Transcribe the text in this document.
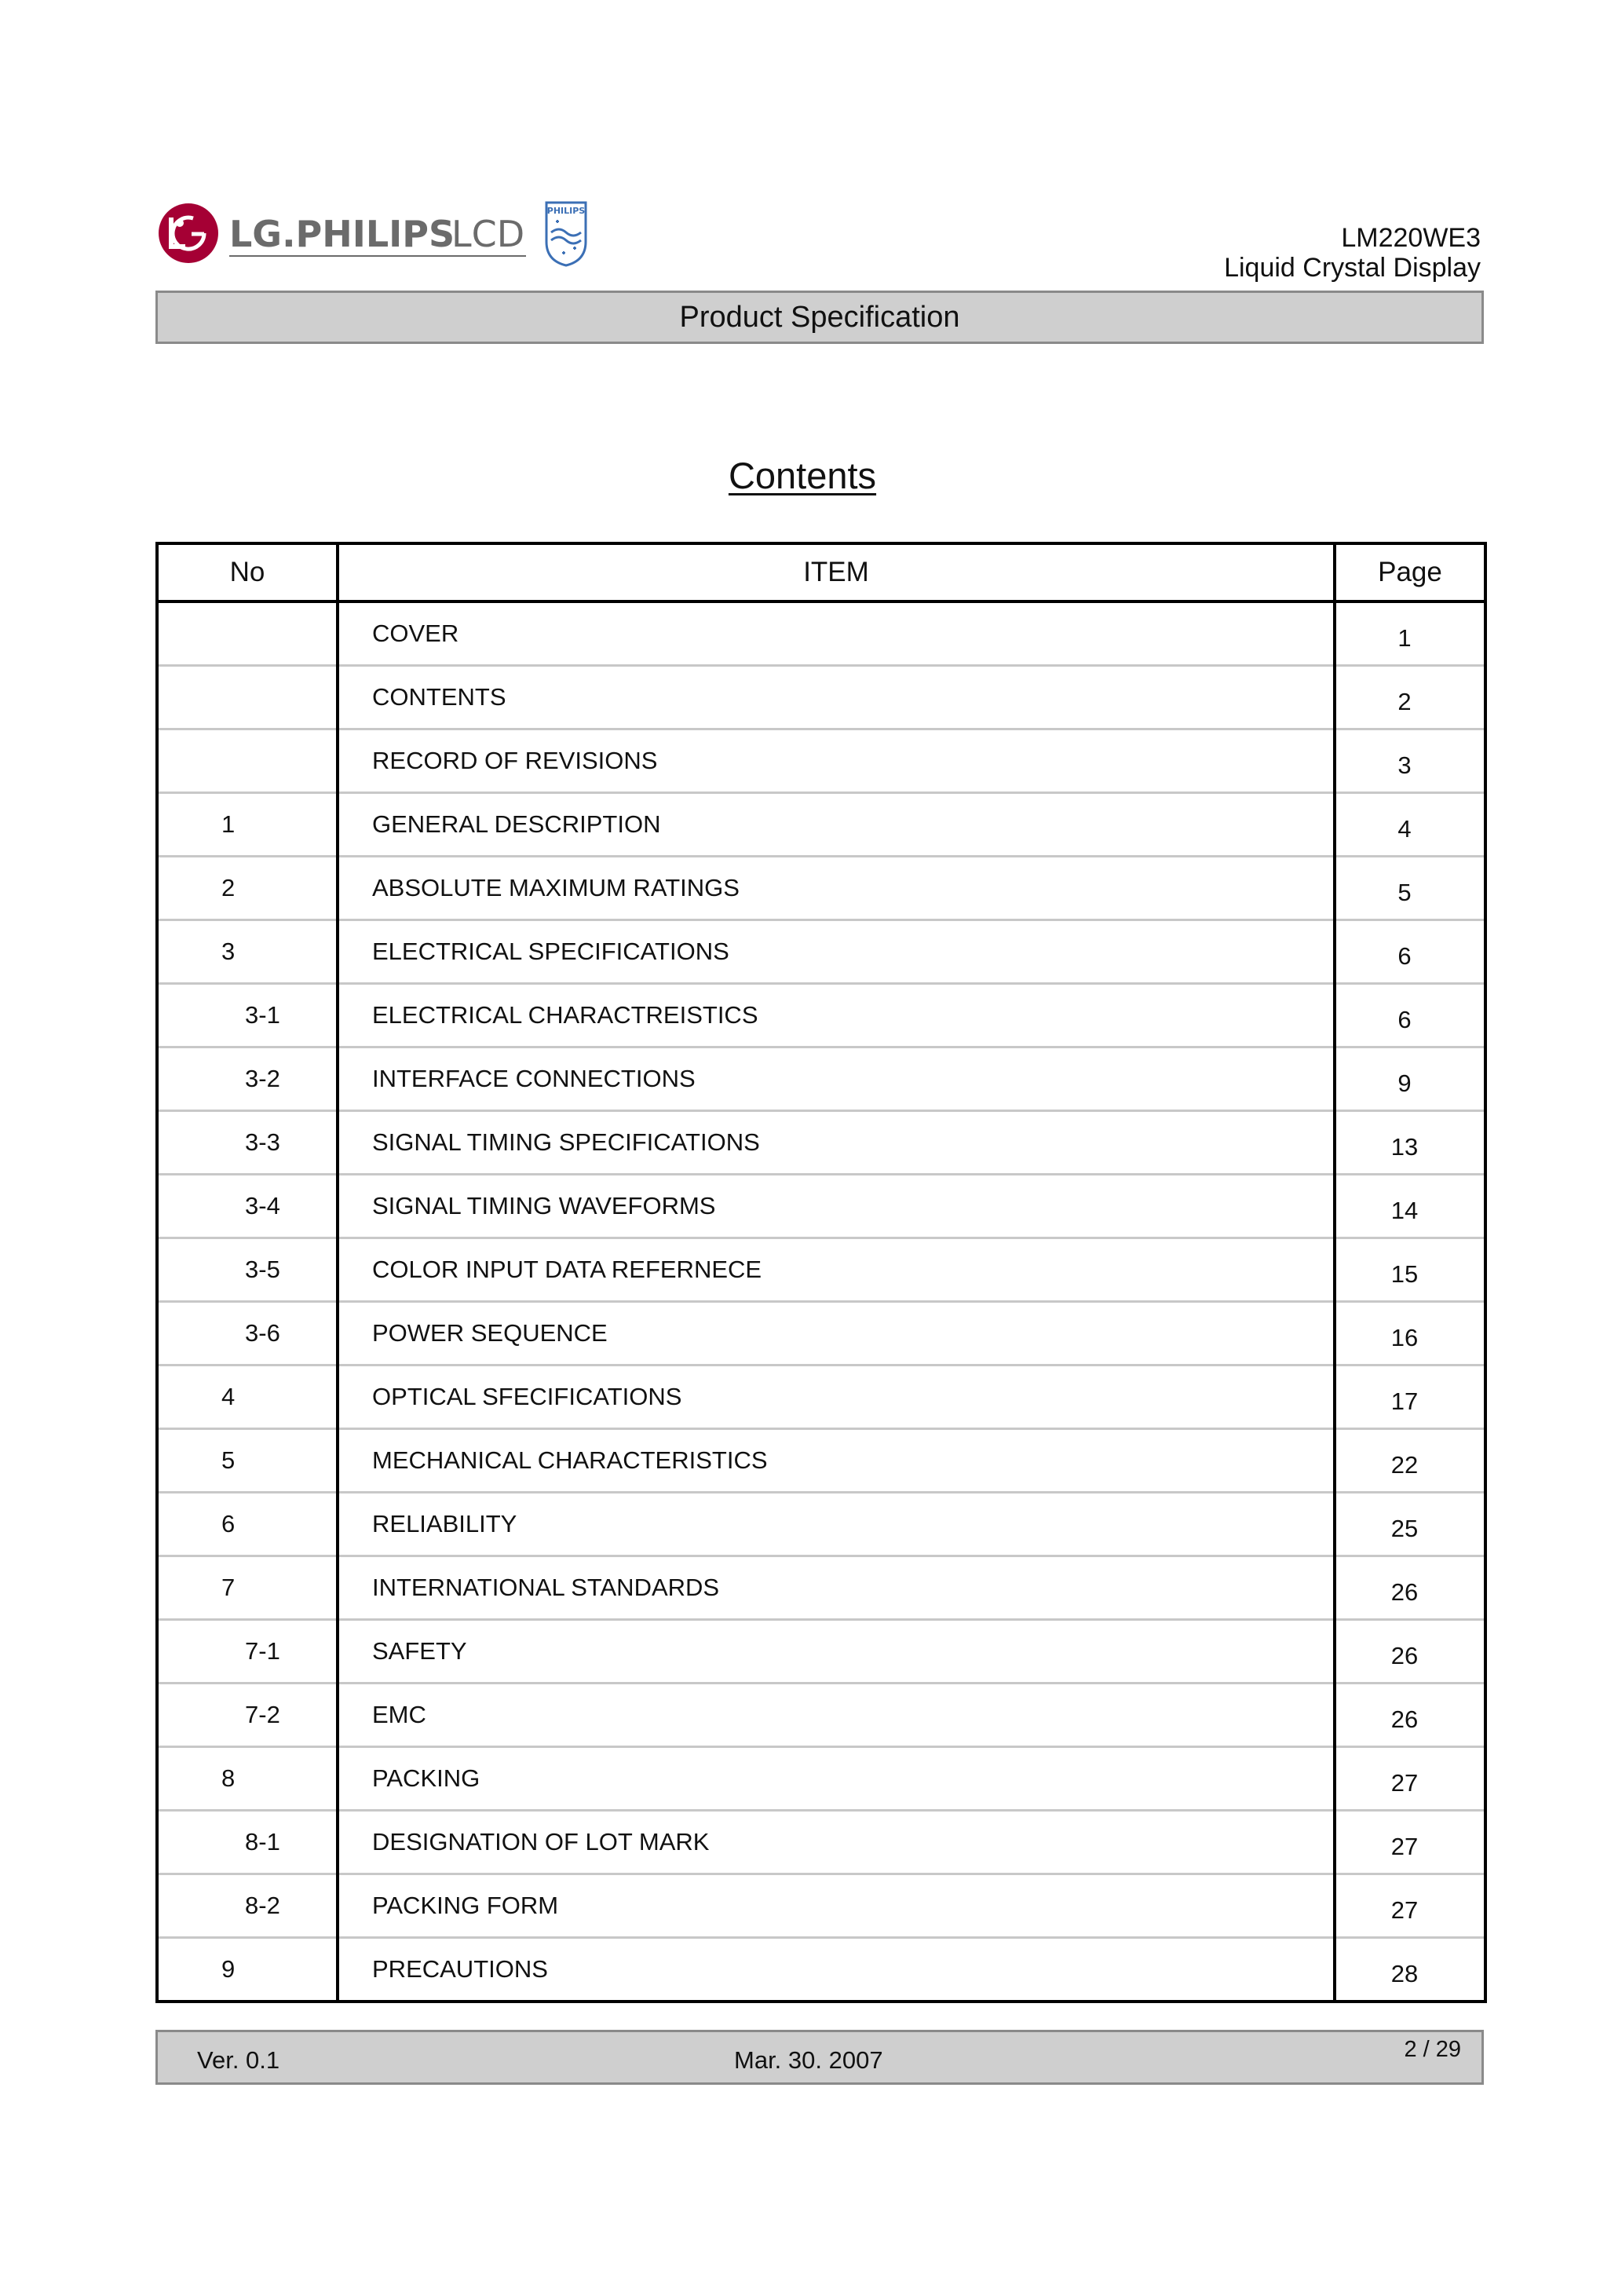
LG.PHILIPS
LCD
PHILIPS
LM220WE3
Liquid Crystal Display
Product Specification
Contents
No	ITEM	Page
	COVER	1
	CONTENTS	2
	RECORD OF REVISIONS	3
1	GENERAL DESCRIPTION	4
2	ABSOLUTE MAXIMUM RATINGS	5
3	ELECTRICAL SPECIFICATIONS	6
3-1	ELECTRICAL CHARACTREISTICS	6
3-2	INTERFACE CONNECTIONS	9
3-3	SIGNAL TIMING SPECIFICATIONS	13
3-4	SIGNAL TIMING WAVEFORMS	14
3-5	COLOR INPUT DATA REFERNECE	15
3-6	POWER SEQUENCE	16
4	OPTICAL SFECIFICATIONS	17
5	MECHANICAL CHARACTERISTICS	22
6	RELIABILITY	25
7	INTERNATIONAL STANDARDS	26
7-1	SAFETY	26
7-2	EMC	26
8	PACKING	27
8-1	DESIGNATION OF LOT MARK	27
8-2	PACKING FORM	27
9	PRECAUTIONS	28
Ver. 0.1	Mar. 30. 2007	2 / 29
